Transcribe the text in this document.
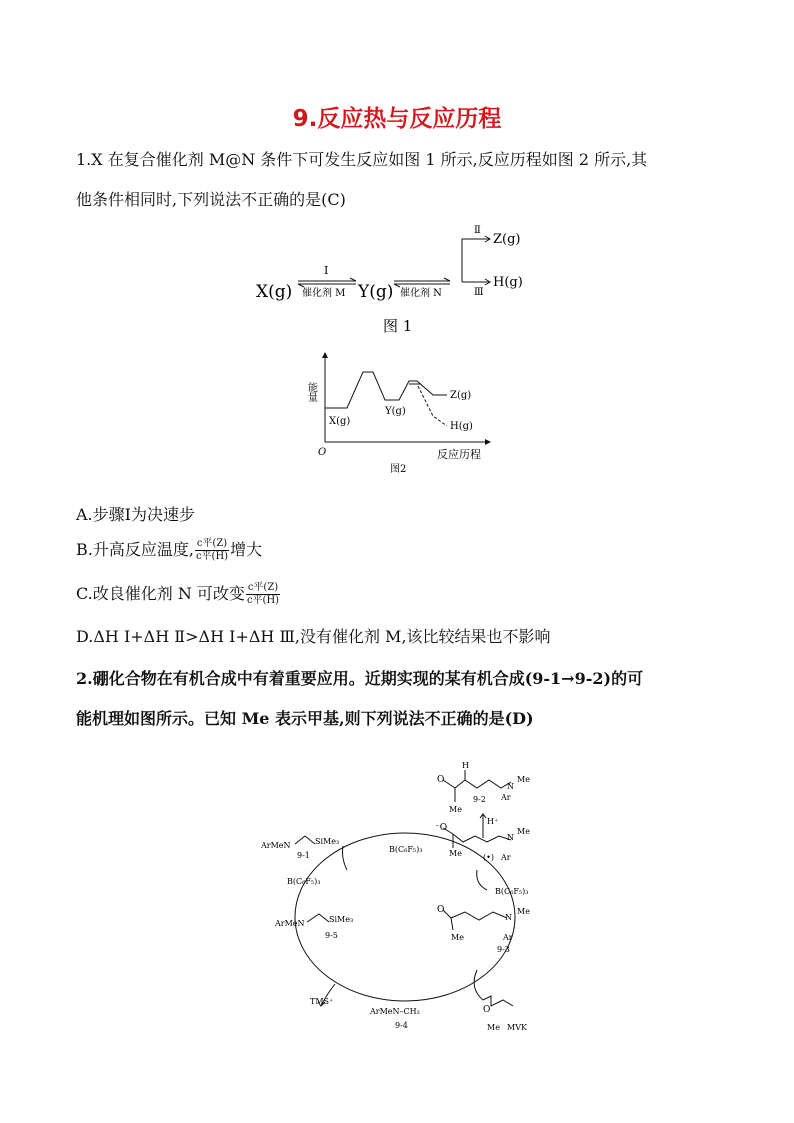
9.反应热与反应历程
1.X 在复合催化剂 M@N 条件下可发生反应如图 1 所示,反应历程如图 2 所示,其
他条件相同时,下列说法不正确的是(C)
X(g)
Ⅰ
催化剂 M Y(g) 催化剂 N
Ⅱ
Ⅲ
Z(g)
H(g)
图 1
能量
O	反应历程
X(g)
Y(g)
Z(g)
H(g)
图2
A.步骤Ⅰ为决速步
B.升高反应温度, $\frac{\text{c平(Z)}}{\text{c平(H)}}$ 增大
C.改良催化剂 N 可改变 $\frac{\text{c平(Z)}}{\text{c平(H)}}$
D.ΔH Ⅰ+ΔH Ⅱ>ΔH Ⅰ+ΔH Ⅲ,没有催化剂 M,该比较结果也不影响
2.硼化合物在有机合成中有着重要应用。近期实现的某有机合成(9-1→9-2)的可
能机理如图所示。已知 Me 表示甲基,则下列说法不正确的是(D)
O
H
Me
N
Me
Ar
9-2
H⁺
⁻O
Me
N
Me
Ar
(•)
B(C₆F₅)₃
O
Me
N
Me
Ar
9-3
O
Me MVK
ArMeN–CH₂
9-4
TMS⁺
ArMeN	SiMe₃
9-5
B(C₆F₅)₃
ArMeN	SiMe₃
9-1
B(C₆F₅)₃
